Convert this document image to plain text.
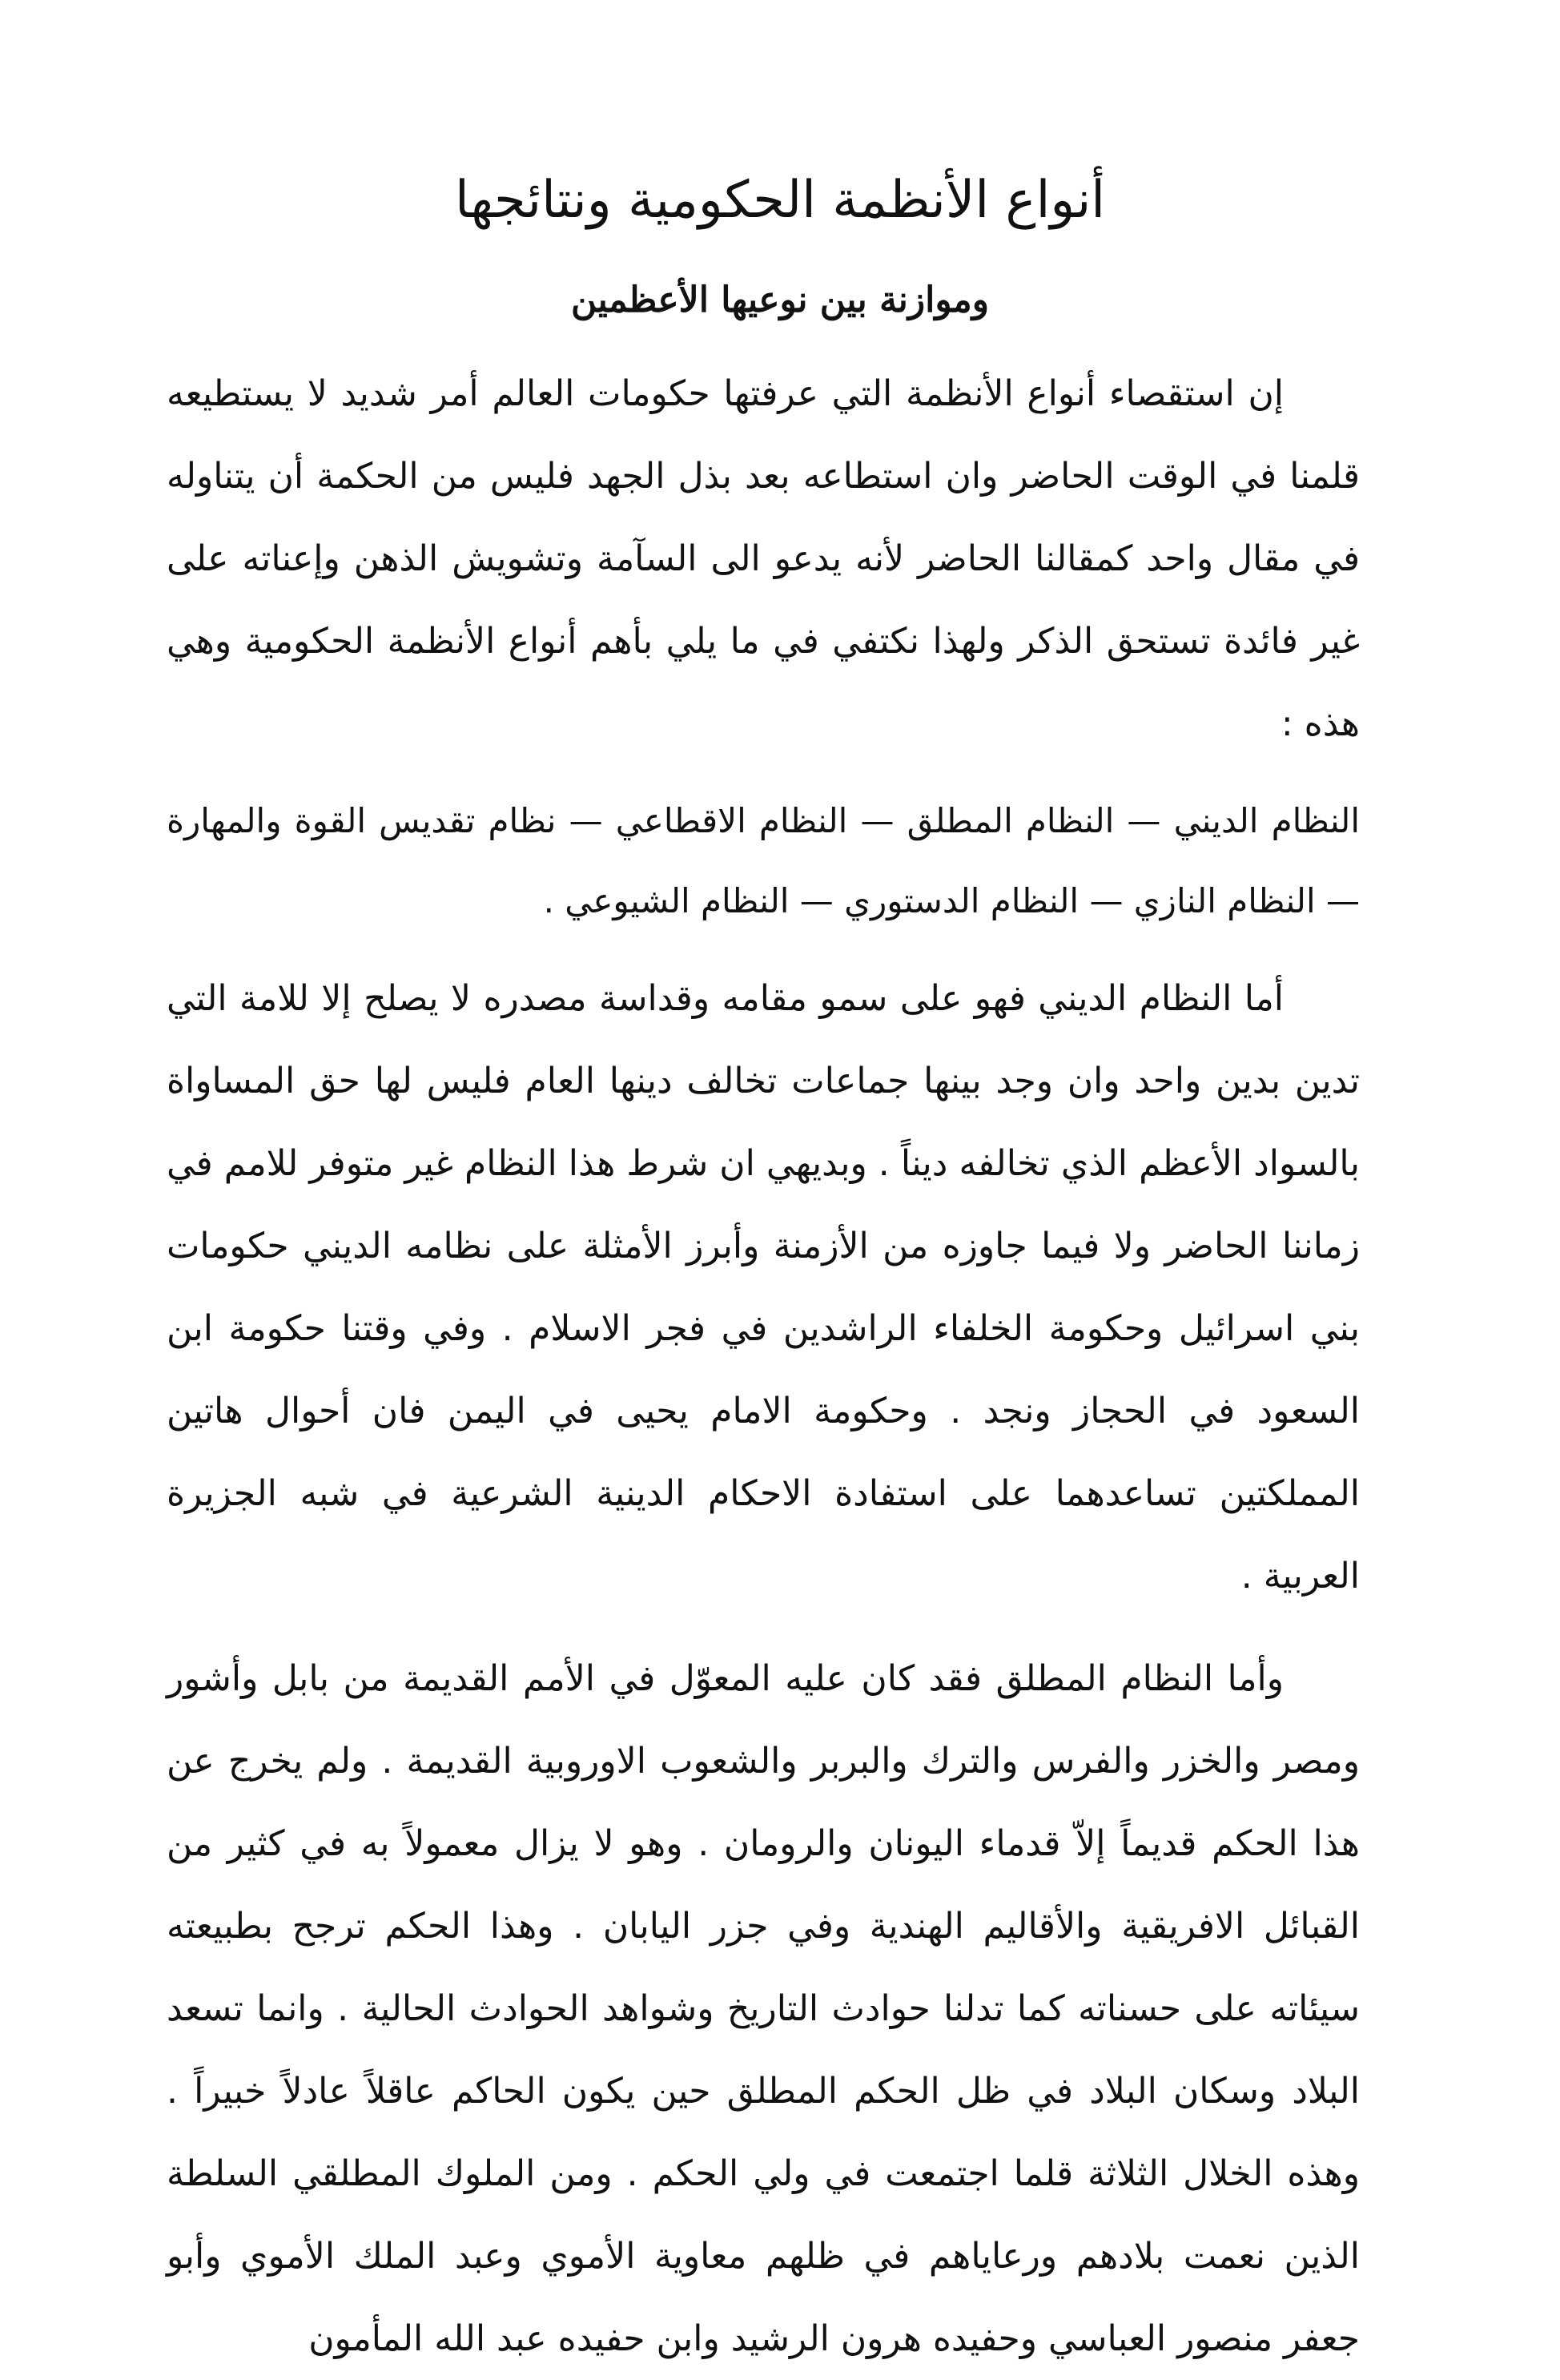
أنواع الأنظمة الحكومية ونتائجها
وموازنة بين نوعيها الأعظمين

إن استقصاء أنواع الأنظمة التي عرفتها حكومات العالم أمر شديد لا يستطيعه قلمنا في الوقت الحاضر وان استطاعه بعد بذل الجهد فليس من الحكمة أن يتناوله في مقال واحد كمقالنا الحاضر لأنه يدعو الى السآمة وتشويش الذهن وإعناته على غير فائدة تستحق الذكر ولهذا نكتفي في ما يلي بأهم أنواع الأنظمة الحكومية وهي هذه :

النظام الديني — النظام المطلق — النظام الاقطاعي — نظام تقديس القوة والمهارة — النظام النازي — النظام الدستوري — النظام الشيوعي .

أما النظام الديني فهو على سمو مقامه وقداسة مصدره لا يصلح إلا للامة التي تدين بدين واحد وان وجد بينها جماعات تخالف دينها العام فليس لها حق المساواة بالسواد الأعظم الذي تخالفه ديناً . وبديهي ان شرط هذا النظام غير متوفر للامم في زماننا الحاضر ولا فيما جاوزه من الأزمنة وأبرز الأمثلة على نظامه الديني حكومات بني اسرائيل وحكومة الخلفاء الراشدين في فجر الاسلام . وفي وقتنا حكومة ابن السعود في الحجاز ونجد . وحكومة الامام يحيى في اليمن فان أحوال هاتين المملكتين تساعدهما على استفادة الاحكام الدينية الشرعية في شبه الجزيرة العربية .

وأما النظام المطلق فقد كان عليه المعوّل في الأمم القديمة من بابل وأشور ومصر والخزر والفرس والترك والبربر والشعوب الاوروبية القديمة . ولم يخرج عن هذا الحكم قديماً إلاّ قدماء اليونان والرومان . وهو لا يزال معمولاً به في كثير من القبائل الافريقية والأقاليم الهندية وفي جزر اليابان . وهذا الحكم ترجح بطبيعته سيئاته على حسناته كما تدلنا حوادث التاريخ وشواهد الحوادث الحالية . وانما تسعد البلاد وسكان البلاد في ظل الحكم المطلق حين يكون الحاكم عاقلاً عادلاً خبيراً . وهذه الخلال الثلاثة قلما اجتمعت في ولي الحكم . ومن الملوك المطلقي السلطة الذين نعمت بلادهم ورعاياهم في ظلهم معاوية الأموي وعبد الملك الأموي وأبو جعفر منصور العباسي وحفيده هرون الرشيد وابن حفيده عبد الله المأمون
